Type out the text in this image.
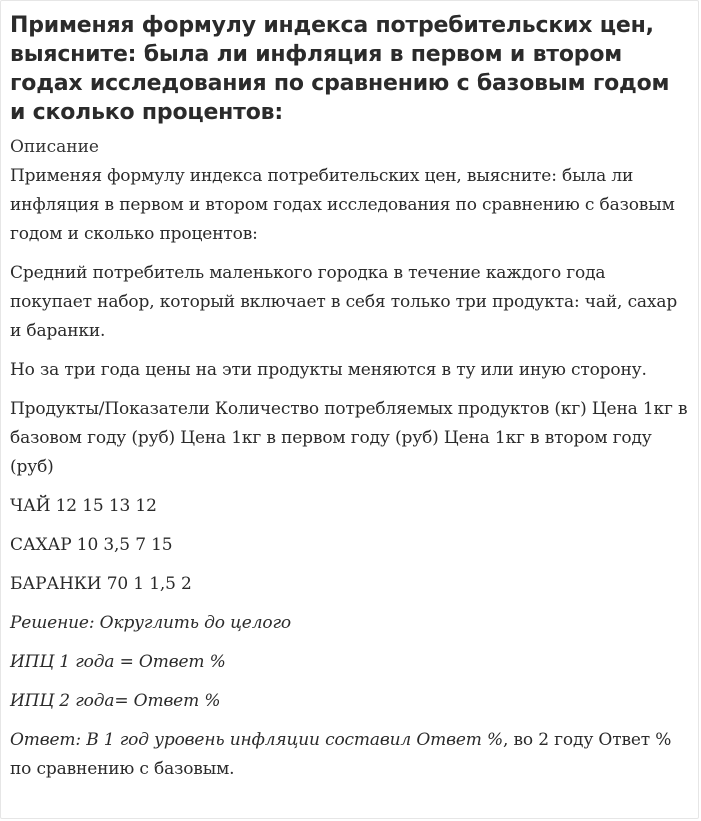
Применяя формулу индекса потребительских цен, выясните: была ли инфляция в первом и втором годах исследования по сравнению с базовым годом и сколько процентов:
Описание

Применяя формулу индекса потребительских цен, выясните: была ли инфляция в первом и втором годах исследования по сравнению с базовым годом и сколько процентов:

Средний потребитель маленького городка в течение каждого года покупает набор, который включает в себя только три продукта: чай, сахар и баранки.

Но за три года цены на эти продукты меняются в ту или иную сторону.

Продукты/Показатели Количество потребляемых продуктов (кг) Цена 1кг в базовом году (руб) Цена 1кг в первом году (руб) Цена 1кг в втором году (руб)

ЧАЙ 12 15 13 12

САХАР 10 3,5 7 15

БАРАНКИ 70 1 1,5 2

Решение: Округлить до целого

ИПЦ 1 года = Ответ %

ИПЦ 2 года= Ответ %

Ответ: В 1 год уровень инфляции составил Ответ %, во 2 году Ответ % по сравнению с базовым.
